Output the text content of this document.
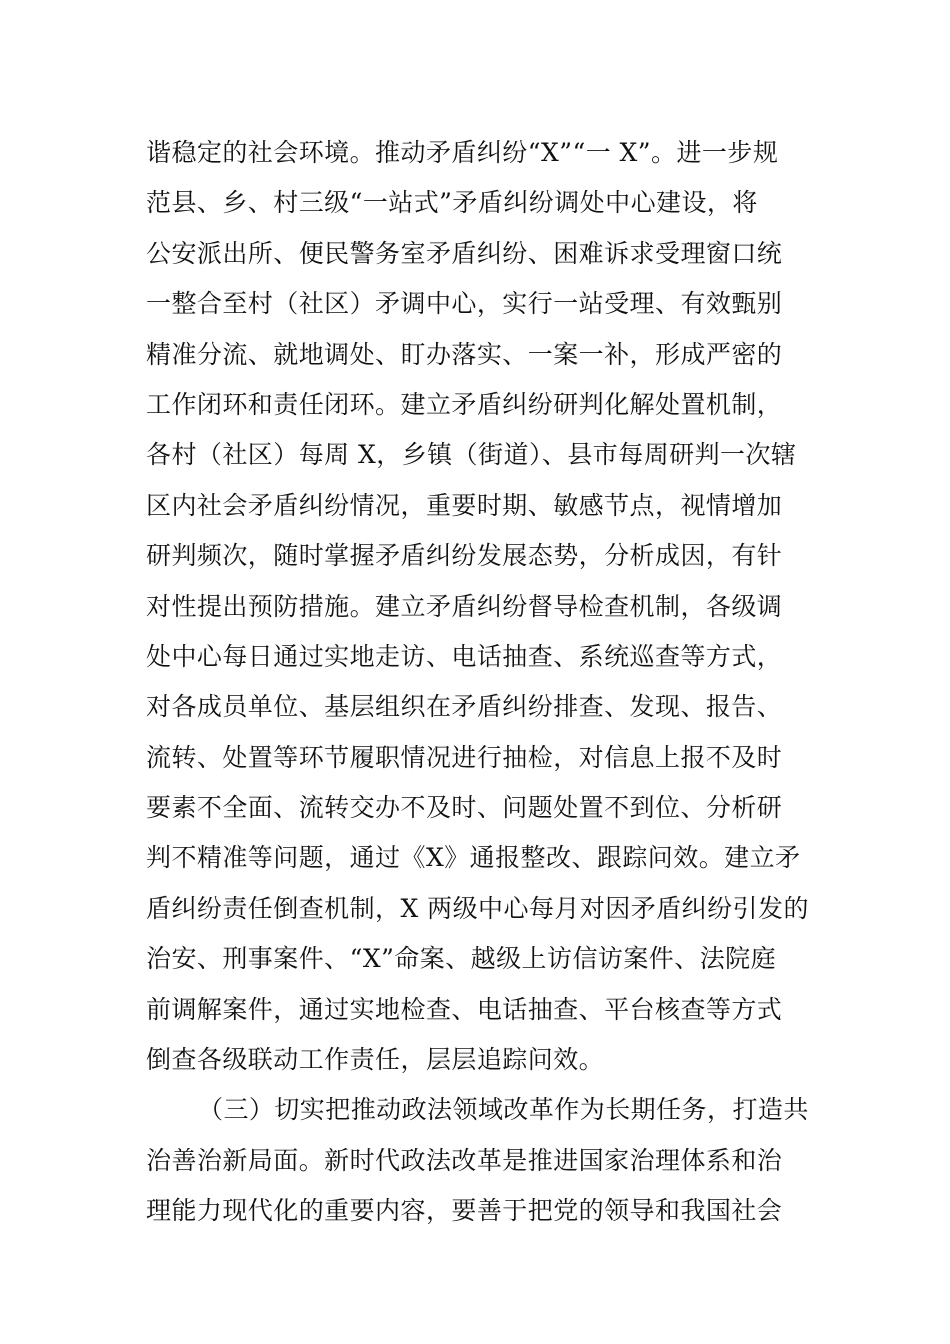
谐稳定的社会环境。推动矛盾纠纷“X”“一 X”。进一步规
范县、乡、村三级“一站式”矛盾纠纷调处中心建设，将
公安派出所、便民警务室矛盾纠纷、困难诉求受理窗口统
一整合至村（社区）矛调中心，实行一站受理、有效甄别
精准分流、就地调处、盯办落实、一案一补，形成严密的
工作闭环和责任闭环。建立矛盾纠纷研判化解处置机制，
各村（社区）每周 X，乡镇（街道）、县市每周研判一次辖
区内社会矛盾纠纷情况，重要时期、敏感节点，视情增加
研判频次，随时掌握矛盾纠纷发展态势，分析成因，有针
对性提出预防措施。建立矛盾纠纷督导检查机制，各级调
处中心每日通过实地走访、电话抽查、系统巡查等方式，
对各成员单位、基层组织在矛盾纠纷排查、发现、报告、
流转、处置等环节履职情况进行抽检，对信息上报不及时
要素不全面、流转交办不及时、问题处置不到位、分析研
判不精准等问题，通过《X》通报整改、跟踪问效。建立矛
盾纠纷责任倒查机制，X 两级中心每月对因矛盾纠纷引发的
治安、刑事案件、“X”命案、越级上访信访案件、法院庭
前调解案件，通过实地检查、电话抽查、平台核查等方式
倒查各级联动工作责任，层层追踪问效。
（三）切实把推动政法领域改革作为长期任务，打造共
治善治新局面。新时代政法改革是推进国家治理体系和治
理能力现代化的重要内容，要善于把党的领导和我国社会
